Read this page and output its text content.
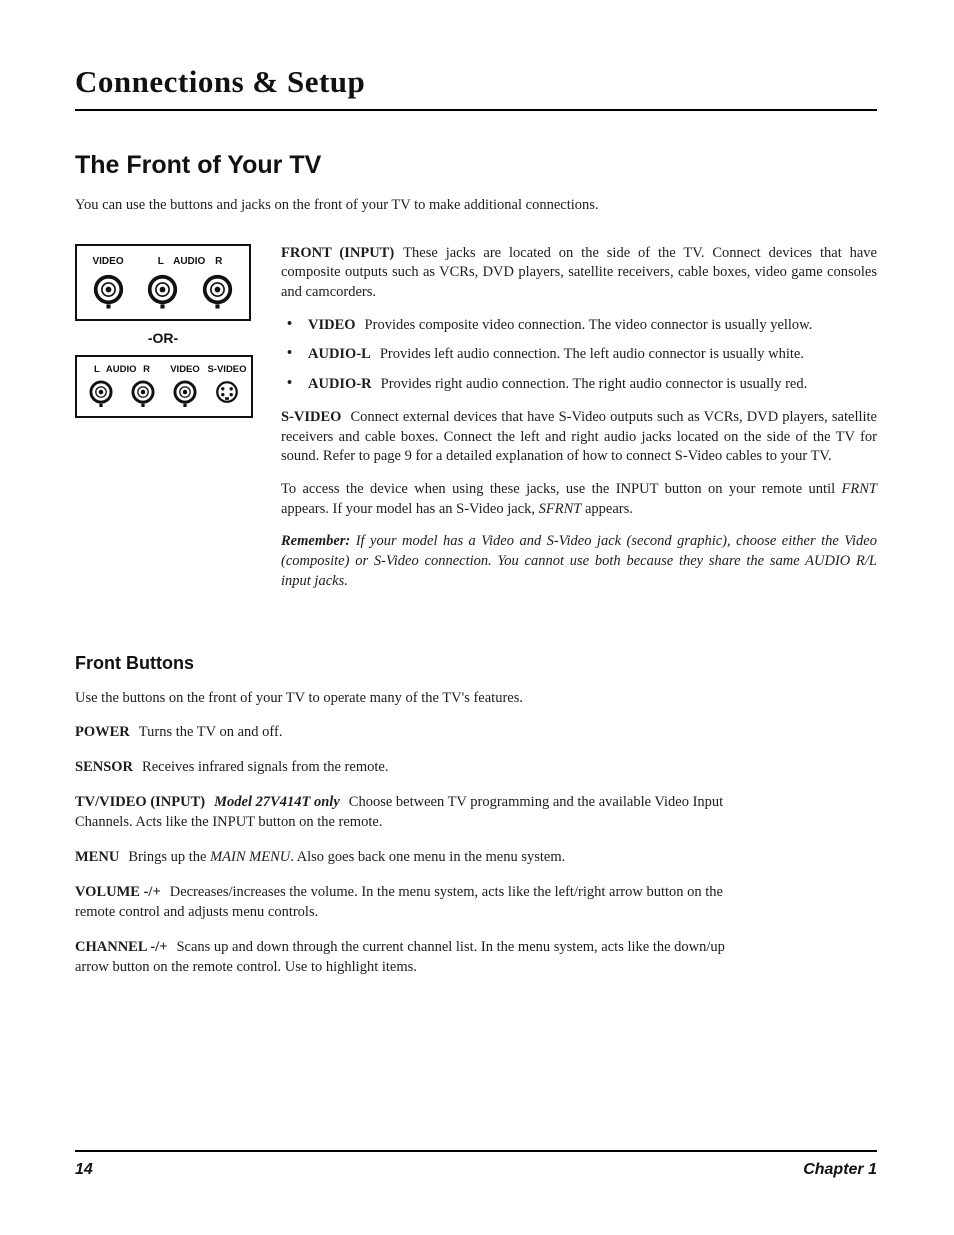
Connections & Setup
The Front of Your TV

You can use the buttons and jacks on the front of your TV to make additional connections.

VIDEO	L AUDIO R
-OR-
L AUDIO R	VIDEO S-VIDEO

FRONT (INPUT) These jacks are located on the side of the TV. Connect devices that have composite outputs such as VCRs, DVD players, satellite receivers, cable boxes, video game consoles and camcorders.

• VIDEO Provides composite video connection. The video connector is usually yellow.
• AUDIO-L Provides left audio connection. The left audio connector is usually white.
• AUDIO-R Provides right audio connection. The right audio connector is usually red.

S-VIDEO Connect external devices that have S-Video outputs such as VCRs, DVD players, satellite receivers and cable boxes. Connect the left and right audio jacks located on the side of the TV for sound. Refer to page 9 for a detailed explanation of how to connect S-Video cables to your TV.

To access the device when using these jacks, use the INPUT button on your remote until FRNT appears. If your model has an S-Video jack, SFRNT appears.

Remember: If your model has a Video and S-Video jack (second graphic), choose either the Video (composite) or S-Video connection. You cannot use both because they share the same AUDIO R/L input jacks.

Front Buttons

Use the buttons on the front of your TV to operate many of the TV's features.

POWER Turns the TV on and off.

SENSOR Receives infrared signals from the remote.

TV/VIDEO (INPUT) Model 27V414T only Choose between TV programming and the available Video Input Channels. Acts like the INPUT button on the remote.

MENU Brings up the MAIN MENU. Also goes back one menu in the menu system.

VOLUME -/+ Decreases/increases the volume. In the menu system, acts like the left/right arrow button on the remote control and adjusts menu controls.

CHANNEL -/+ Scans up and down through the current channel list. In the menu system, acts like the down/up arrow button on the remote control. Use to highlight items.

14	Chapter 1
